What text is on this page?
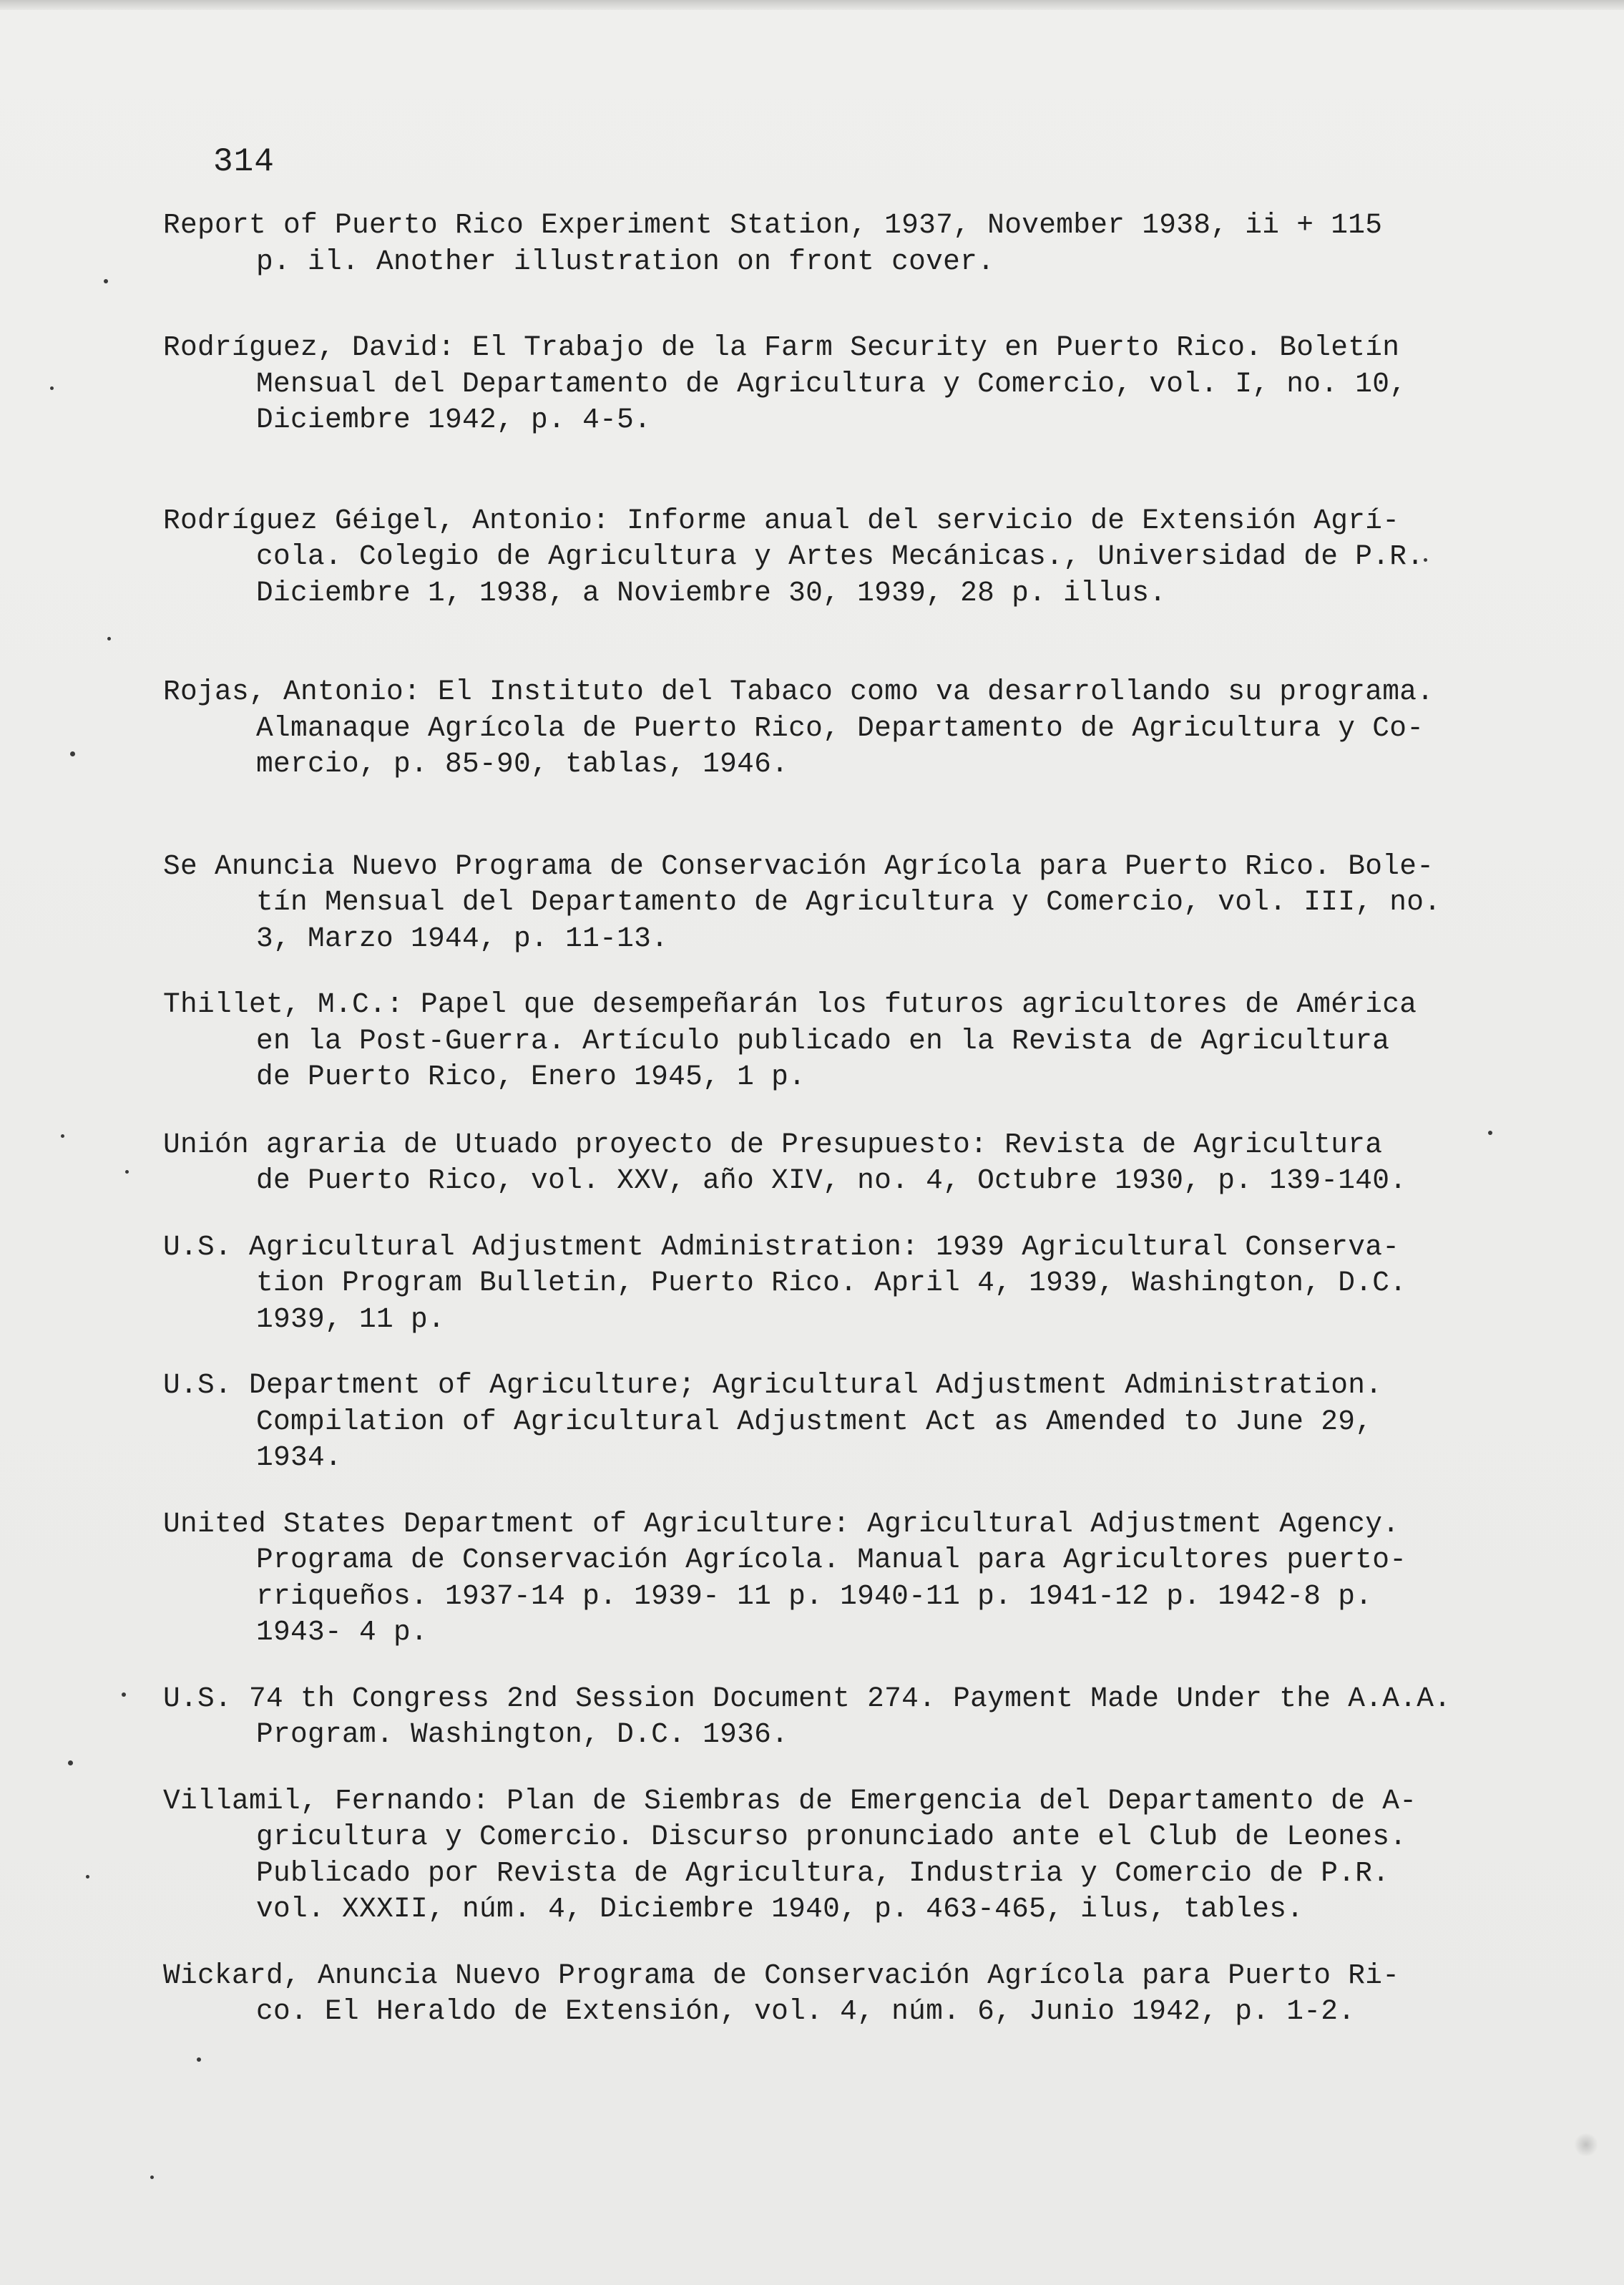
314

Report of Puerto Rico Experiment Station, 1937, November 1938, ii + 115
p. il. Another illustration on front cover.

Rodríguez, David: El Trabajo de la Farm Security en Puerto Rico. Boletín
Mensual del Departamento de Agricultura y Comercio, vol. I, no. 10,
Diciembre 1942, p. 4-5.

Rodríguez Géigel, Antonio: Informe anual del servicio de Extensión Agrí-
cola. Colegio de Agricultura y Artes Mecánicas., Universidad de P.R.
Diciembre 1, 1938, a Noviembre 30, 1939, 28 p. illus.

Rojas, Antonio: El Instituto del Tabaco como va desarrollando su programa.
Almanaque Agrícola de Puerto Rico, Departamento de Agricultura y Co-
mercio, p. 85-90, tablas, 1946.

Se Anuncia Nuevo Programa de Conservación Agrícola para Puerto Rico. Bole-
tín Mensual del Departamento de Agricultura y Comercio, vol. III, no.
3, Marzo 1944, p. 11-13.

Thillet, M.C.: Papel que desempeñarán los futuros agricultores de América
en la Post-Guerra. Artículo publicado en la Revista de Agricultura
de Puerto Rico, Enero 1945, 1 p.

Unión agraria de Utuado proyecto de Presupuesto: Revista de Agricultura
de Puerto Rico, vol. XXV, año XIV, no. 4, Octubre 1930, p. 139-140.

U.S. Agricultural Adjustment Administration: 1939 Agricultural Conserva-
tion Program Bulletin, Puerto Rico. April 4, 1939, Washington, D.C.
1939, 11 p.

U.S. Department of Agriculture; Agricultural Adjustment Administration.
Compilation of Agricultural Adjustment Act as Amended to June 29,
1934.

United States Department of Agriculture: Agricultural Adjustment Agency.
Programa de Conservación Agrícola. Manual para Agricultores puerto-
rriqueños. 1937-14 p. 1939- 11 p. 1940-11 p. 1941-12 p. 1942-8 p.
1943- 4 p.

U.S. 74 th Congress 2nd Session Document 274. Payment Made Under the A.A.A.
Program. Washington, D.C. 1936.

Villamil, Fernando: Plan de Siembras de Emergencia del Departamento de A-
gricultura y Comercio. Discurso pronunciado ante el Club de Leones.
Publicado por Revista de Agricultura, Industria y Comercio de P.R.
vol. XXXII, núm. 4, Diciembre 1940, p. 463-465, ilus, tables.

Wickard, Anuncia Nuevo Programa de Conservación Agrícola para Puerto Ri-
co. El Heraldo de Extensión, vol. 4, núm. 6, Junio 1942, p. 1-2.
